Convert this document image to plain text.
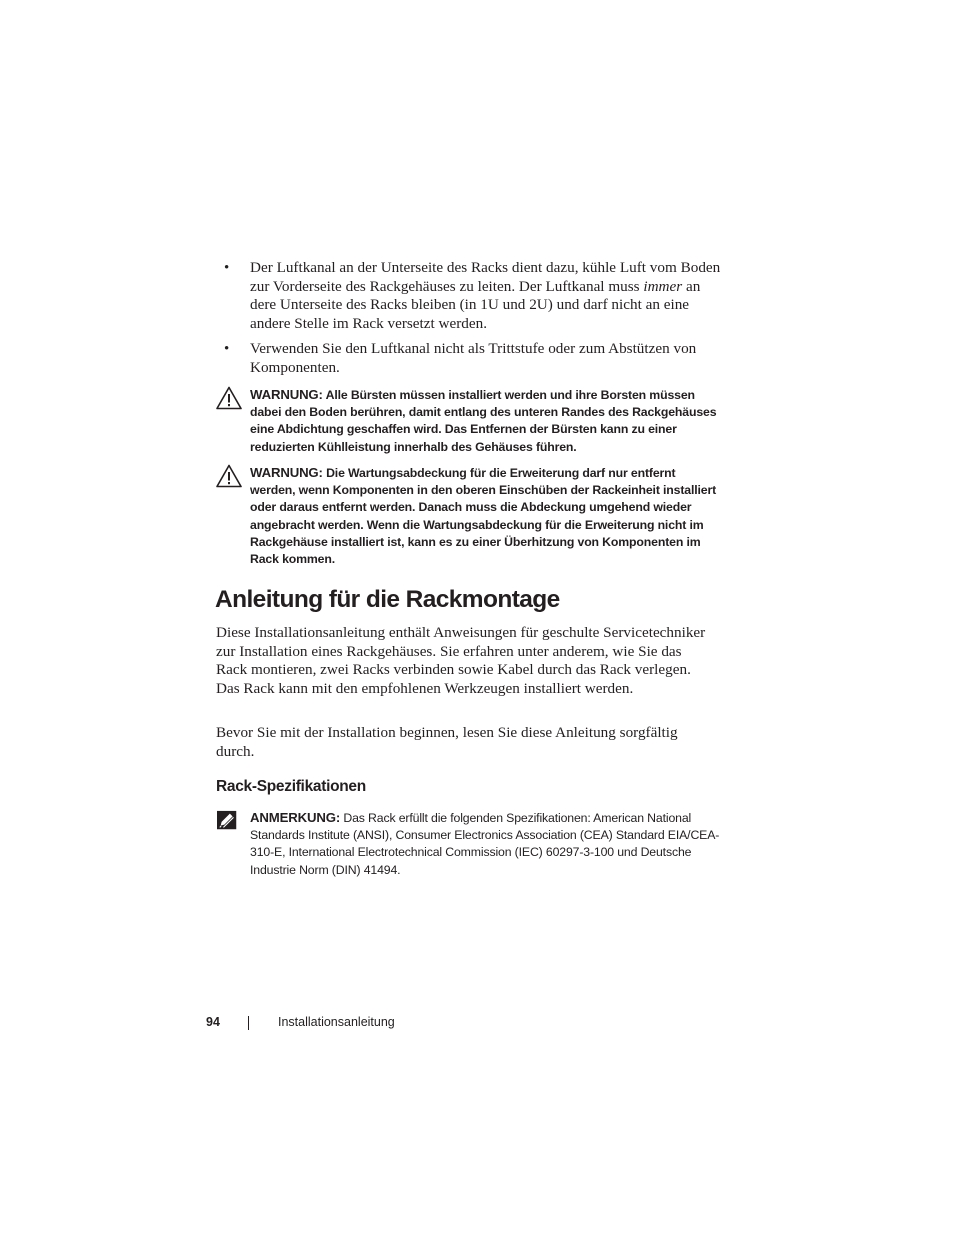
• Der Luftkanal an der Unterseite des Racks dient dazu, kühle Luft vom Boden zur Vorderseite des Rackgehäuses zu leiten. Der Luftkanal muss immer an dere Unterseite des Racks bleiben (in 1U und 2U) und darf nicht an eine andere Stelle im Rack versetzt werden.
• Verwenden Sie den Luftkanal nicht als Trittstufe oder zum Abstützen von Komponenten.
WARNUNG: Alle Bürsten müssen installiert werden und ihre Borsten müssen dabei den Boden berühren, damit entlang des unteren Randes des Rackgehäuses eine Abdichtung geschaffen wird. Das Entfernen der Bürsten kann zu einer reduzierten Kühlleistung innerhalb des Gehäuses führen.
WARNUNG: Die Wartungsabdeckung für die Erweiterung darf nur entfernt werden, wenn Komponenten in den oberen Einschüben der Rackeinheit installiert oder daraus entfernt werden. Danach muss die Abdeckung umgehend wieder angebracht werden. Wenn die Wartungsabdeckung für die Erweiterung nicht im Rackgehäuse installiert ist, kann es zu einer Überhitzung von Komponenten im Rack kommen.
Anleitung für die Rackmontage

Diese Installationsanleitung enthält Anweisungen für geschulte Servicetechniker zur Installation eines Rackgehäuses. Sie erfahren unter anderem, wie Sie das Rack montieren, zwei Racks verbinden sowie Kabel durch das Rack verlegen. Das Rack kann mit den empfohlenen Werkzeugen installiert werden.

Bevor Sie mit der Installation beginnen, lesen Sie diese Anleitung sorgfältig durch.

Rack-Spezifikationen
ANMERKUNG: Das Rack erfüllt die folgenden Spezifikationen: American National Standards Institute (ANSI), Consumer Electronics Association (CEA) Standard EIA/CEA-310-E, International Electrotechnical Commission (IEC) 60297-3-100 und Deutsche Industrie Norm (DIN) 41494.
94	Installationsanleitung
